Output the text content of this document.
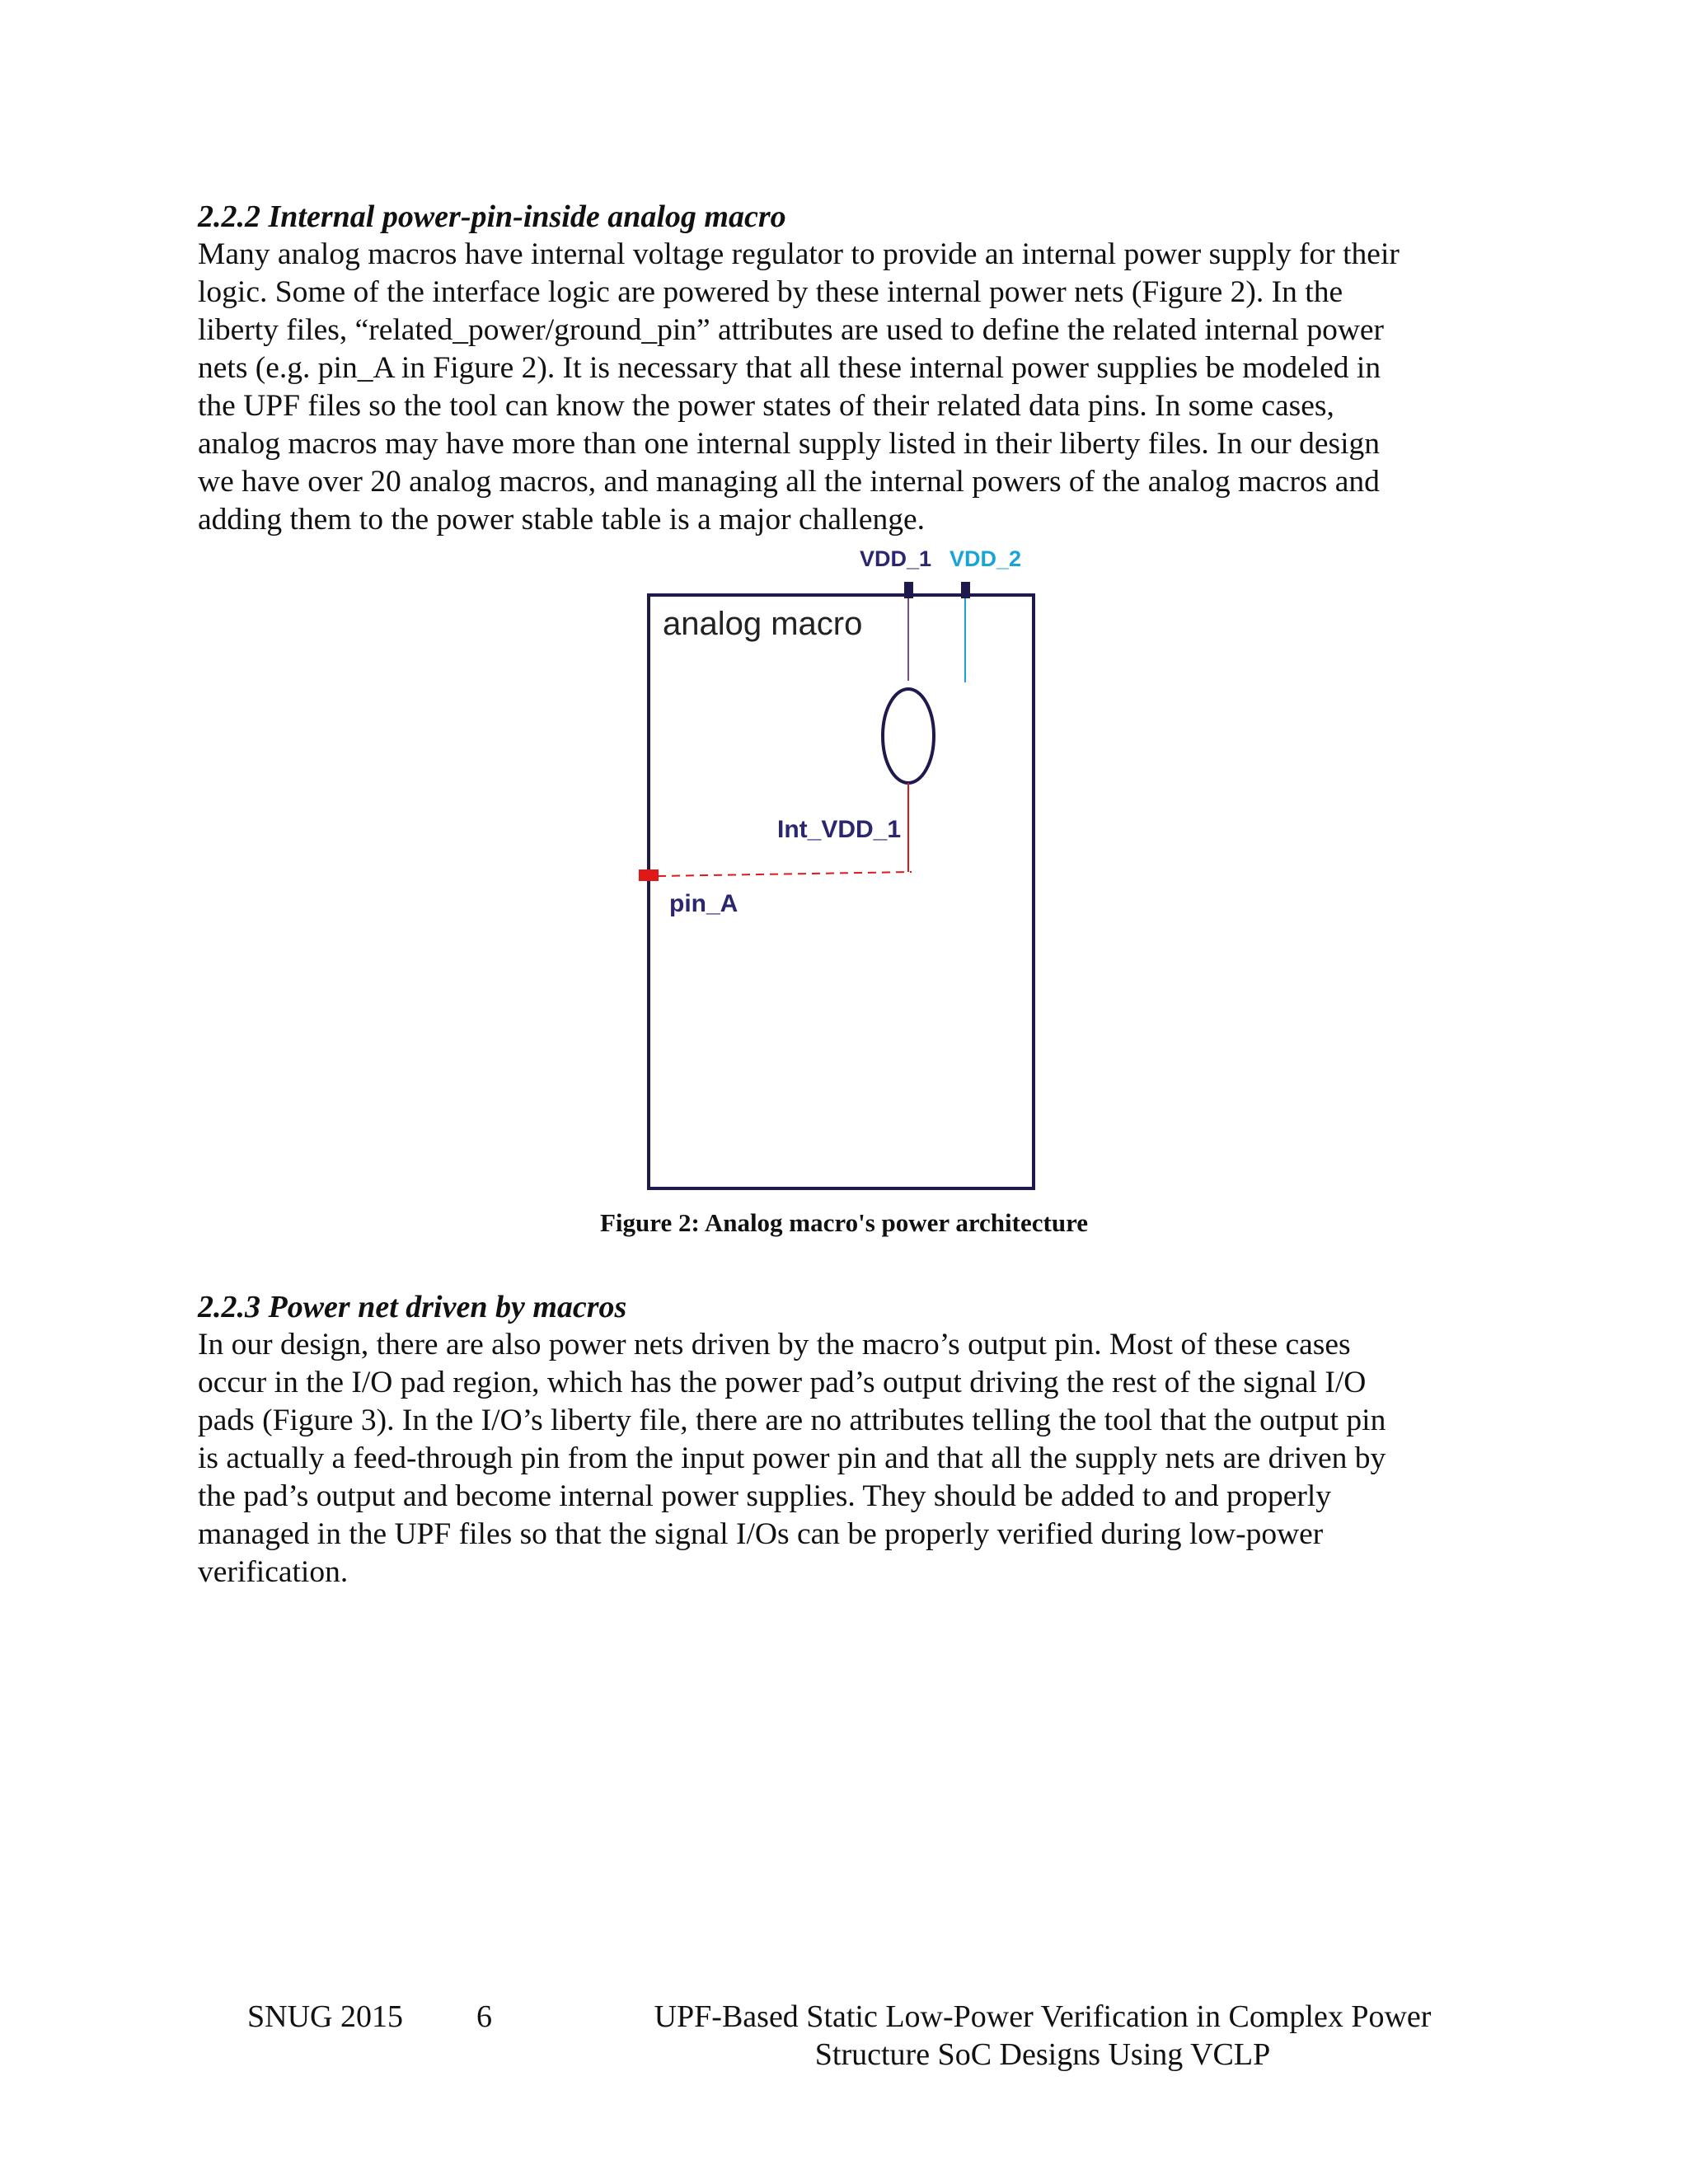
2.2.2 Internal power-pin-inside analog macro
Many analog macros have internal voltage regulator to provide an internal power supply for their
logic. Some of the interface logic are powered by these internal power nets (Figure 2). In the
liberty files, “related_power/ground_pin” attributes are used to define the related internal power
nets (e.g. pin_A in Figure 2). It is necessary that all these internal power supplies be modeled in
the UPF files so the tool can know the power states of their related data pins. In some cases,
analog macros may have more than one internal supply listed in their liberty files. In our design
we have over 20 analog macros, and managing all the internal powers of the analog macros and
adding them to the power stable table is a major challenge.
analog macro
VDD_1 VDD_2
Int_VDD_1
pin_A

Figure 2: Analog macro's power architecture

2.2.3 Power net driven by macros
In our design, there are also power nets driven by the macro’s output pin. Most of these cases
occur in the I/O pad region, which has the power pad’s output driving the rest of the signal I/O
pads (Figure 3). In the I/O’s liberty file, there are no attributes telling the tool that the output pin
is actually a feed-through pin from the input power pin and that all the supply nets are driven by
the pad’s output and become internal power supplies. They should be added to and properly
managed in the UPF files so that the signal I/Os can be properly verified during low-power
verification.
SNUG 2015 6	UPF-Based Static Low-Power Verification in Complex Power
Structure SoC Designs Using VCLP
